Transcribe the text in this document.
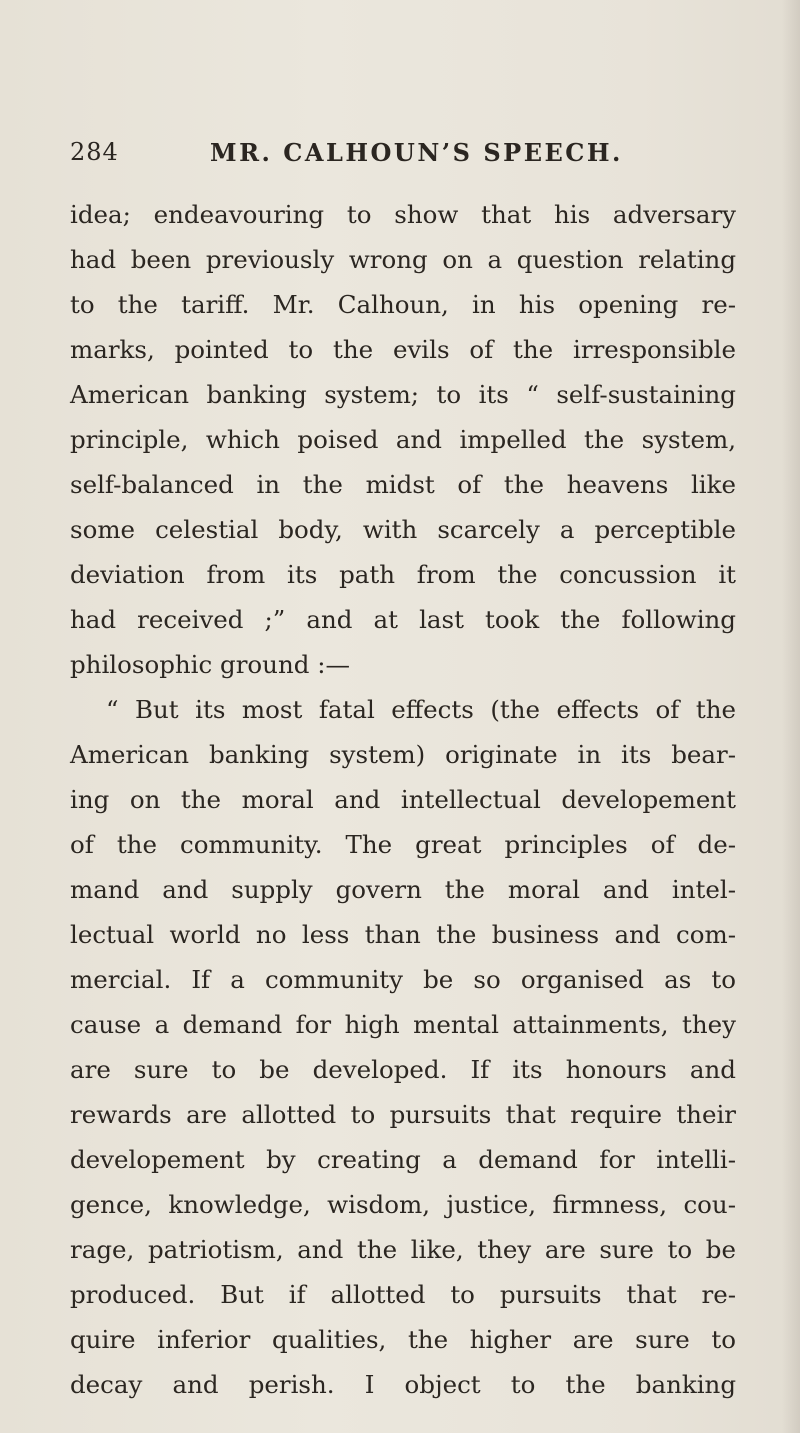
284	MR. CALHOUN’S SPEECH.
idea; endeavouring to show that his adversary
had been previously wrong on a question relating
to the tariff. Mr. Calhoun, in his opening re-
marks, pointed to the evils of the irresponsible
American banking system; to its “ self-sustaining
principle, which poised and impelled the system,
self-balanced in the midst of the heavens like
some celestial body, with scarcely a perceptible
deviation from its path from the concussion it
had received ;” and at last took the following
philosophic ground :—
“ But its most fatal effects (the effects of the
American banking system) originate in its bear-
ing on the moral and intellectual developement
of the community. The great principles of de-
mand and supply govern the moral and intel-
lectual world no less than the business and com-
mercial. If a community be so organised as to
cause a demand for high mental attainments, they
are sure to be developed. If its honours and
rewards are allotted to pursuits that require their
developement by creating a demand for intelli-
gence, knowledge, wisdom, justice, firmness, cou-
rage, patriotism, and the like, they are sure to be
produced. But if allotted to pursuits that re-
quire inferior qualities, the higher are sure to
decay and perish. I object to the banking
